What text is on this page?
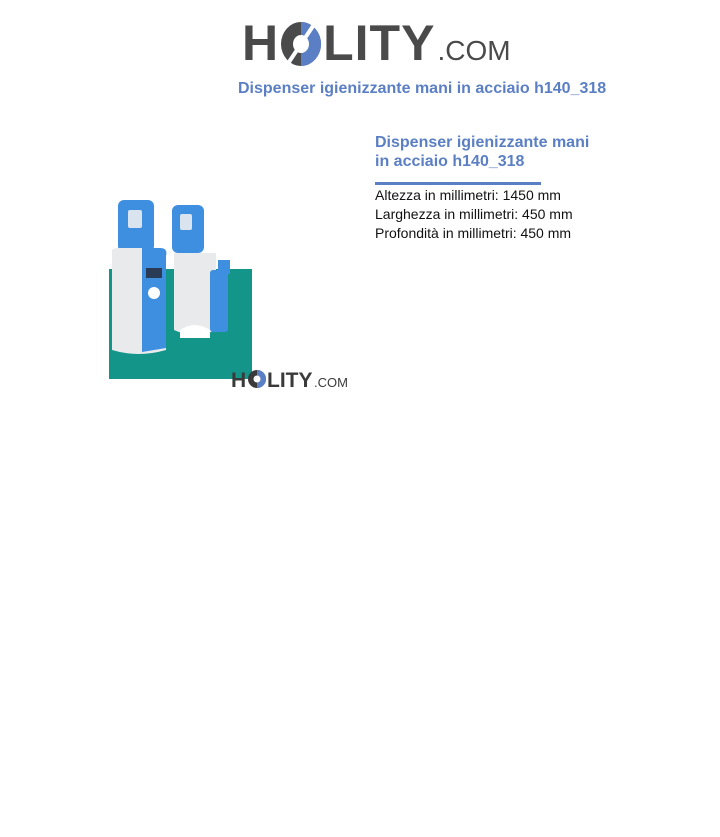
H LITY .COM
Dispenser igienizzante mani in acciaio h140_318
H LITY .COM
Dispenser igienizzante mani in acciaio h140_318
Altezza in millimetri: 1450 mm
Larghezza in millimetri: 450 mm
Profondità in millimetri: 450 mm
